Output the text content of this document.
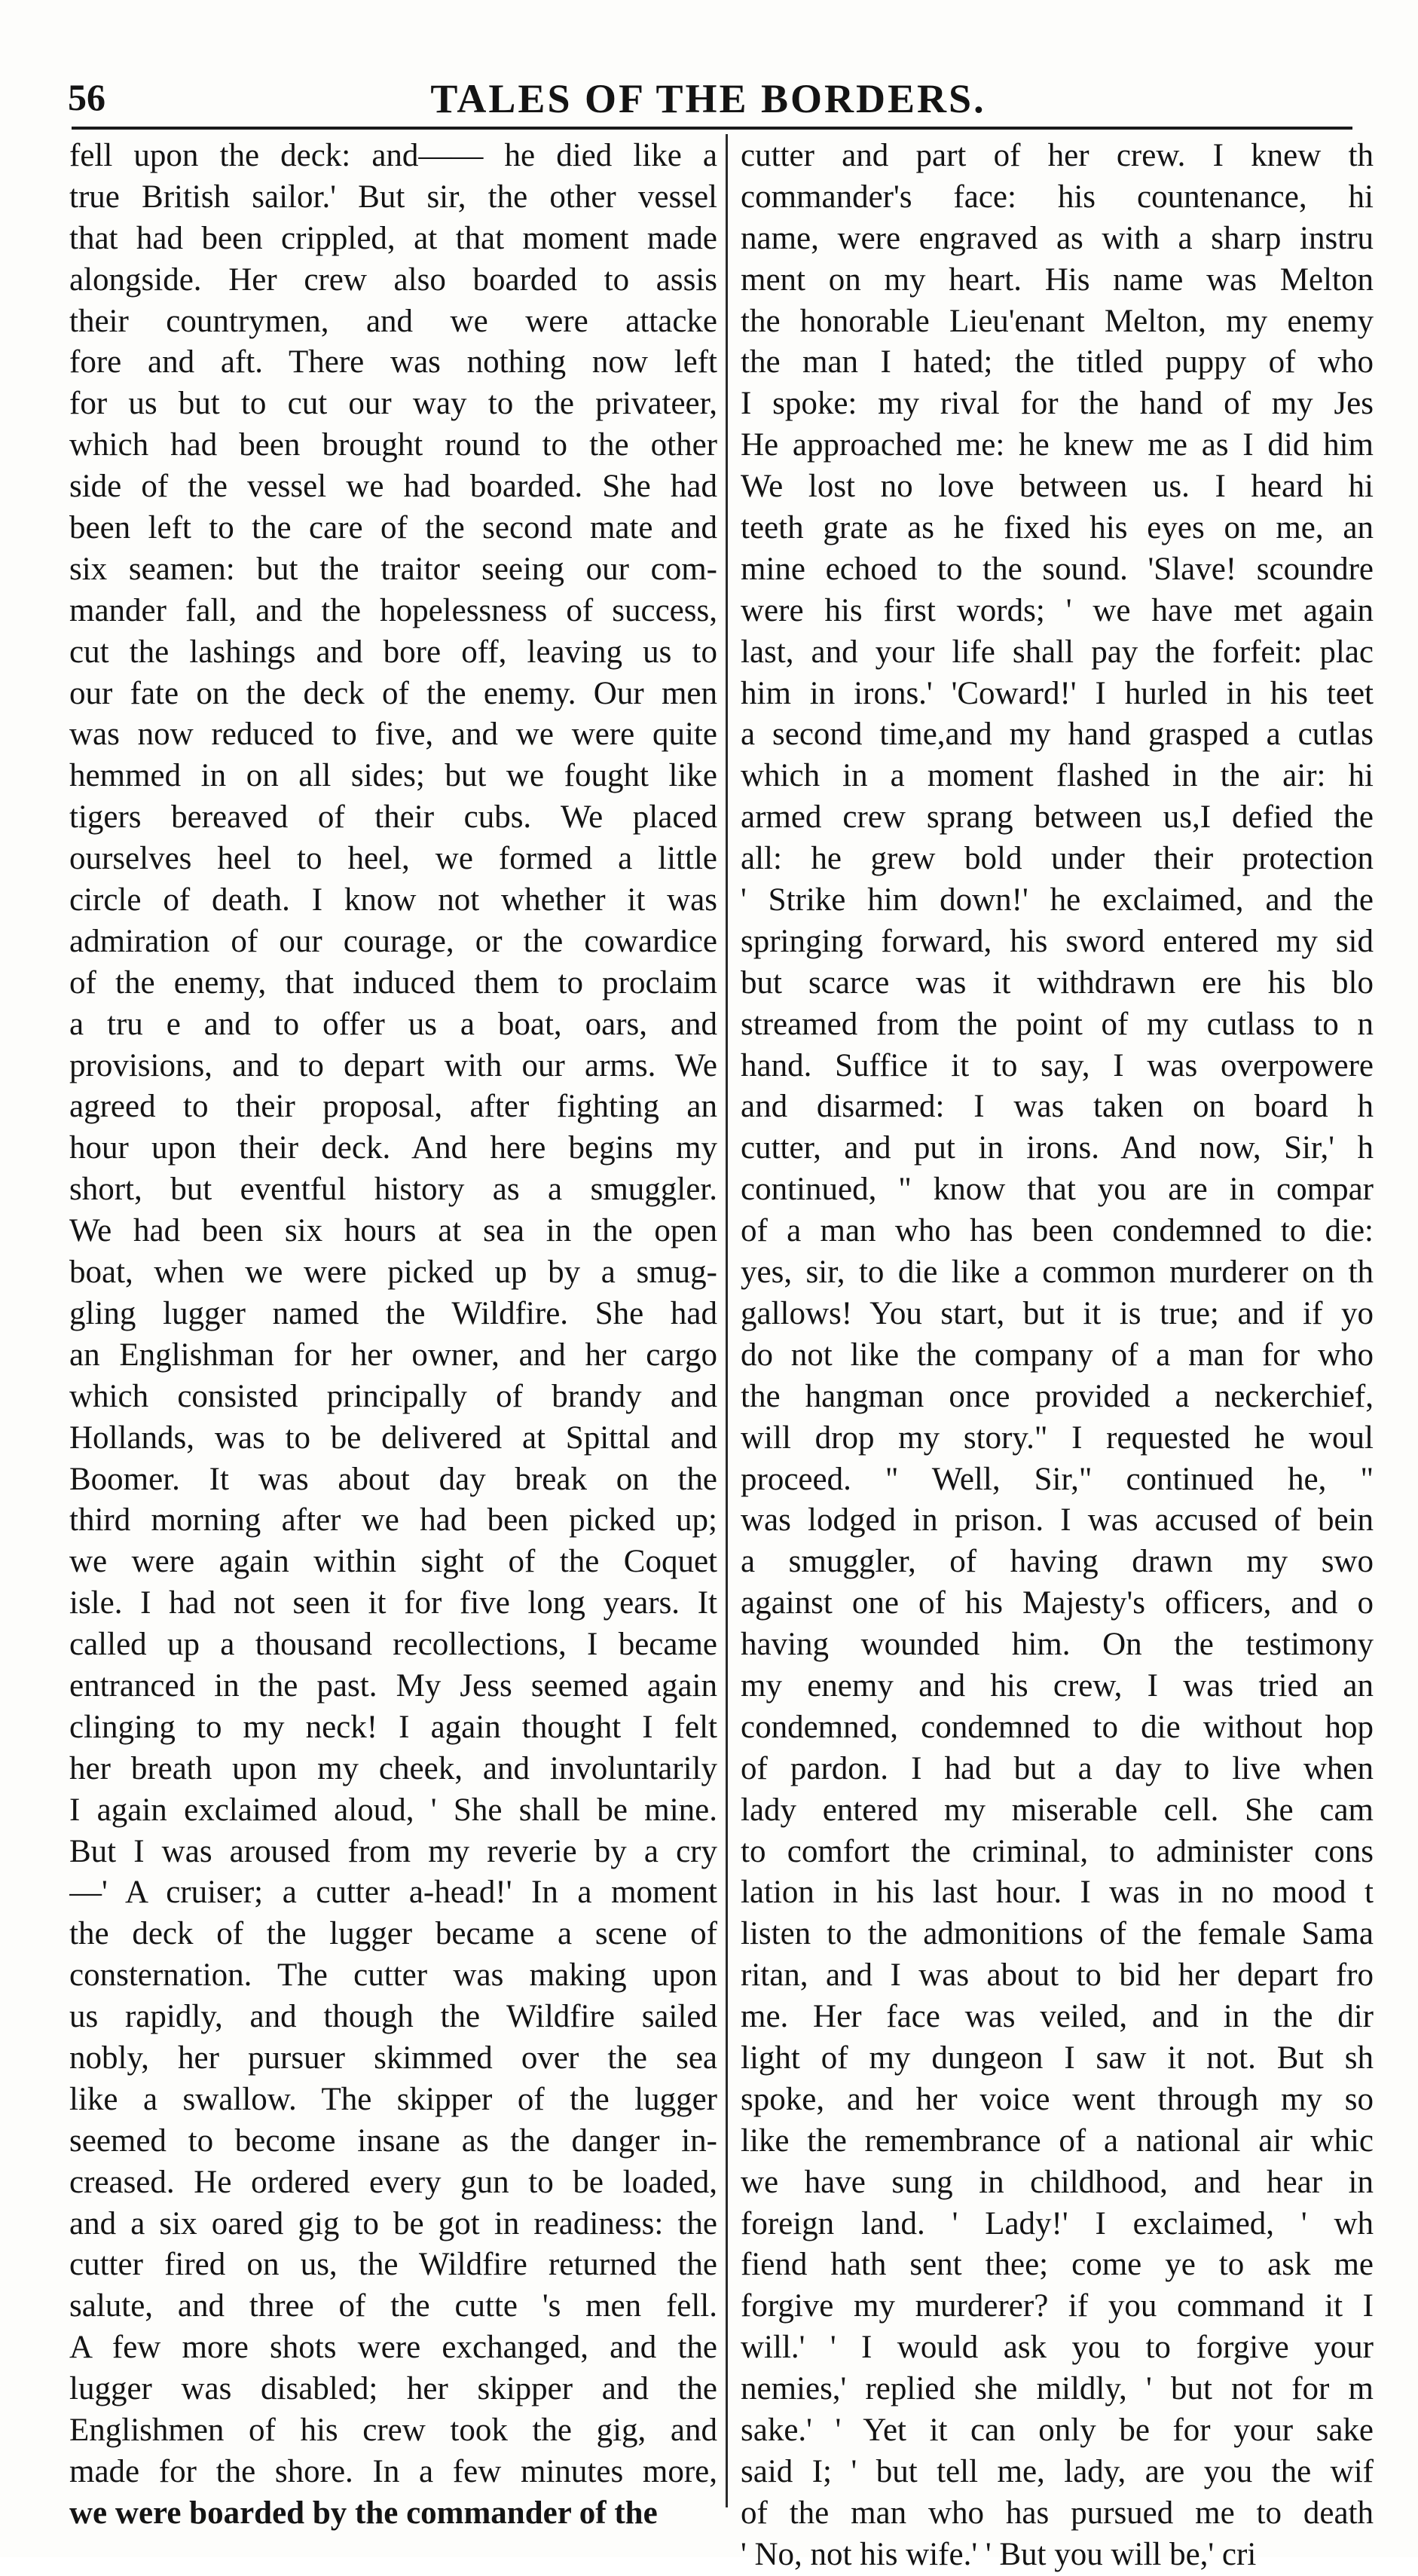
56	TALES OF THE BORDERS.
fell upon the deck: and—— he died like a
true British sailor.' But sir, the other vessel
that had been crippled, at that moment made
alongside. Her crew also boarded to assis
their countrymen, and we were attacke
fore and aft. There was nothing now left
for us but to cut our way to the privateer,
which had been brought round to the other
side of the vessel we had boarded. She had
been left to the care of the second mate and
six seamen: but the traitor seeing our com-
mander fall, and the hopelessness of success,
cut the lashings and bore off, leaving us to
our fate on the deck of the enemy. Our men
was now reduced to five, and we were quite
hemmed in on all sides; but we fought like
tigers bereaved of their cubs. We placed
ourselves heel to heel, we formed a little
circle of death. I know not whether it was
admiration of our courage, or the cowardice
of the enemy, that induced them to proclaim
a tru e and to offer us a boat, oars, and
provisions, and to depart with our arms. We
agreed to their proposal, after fighting an
hour upon their deck. And here begins my
short, but eventful history as a smuggler.
We had been six hours at sea in the open
boat, when we were picked up by a smug-
gling lugger named the Wildfire. She had
an Englishman for her owner, and her cargo
which consisted principally of brandy and
Hollands, was to be delivered at Spittal and
Boomer. It was about day break on the
third morning after we had been picked up;
we were again within sight of the Coquet
isle. I had not seen it for five long years. It
called up a thousand recollections, I became
entranced in the past. My Jess seemed again
clinging to my neck! I again thought I felt
her breath upon my cheek, and involuntarily
I again exclaimed aloud, ' She shall be mine.
But I was aroused from my reverie by a cry
—' A cruiser; a cutter a-head!' In a moment
the deck of the lugger became a scene of
consternation. The cutter was making upon
us rapidly, and though the Wildfire sailed
nobly, her pursuer skimmed over the sea
like a swallow. The skipper of the lugger
seemed to become insane as the danger in-
creased. He ordered every gun to be loaded,
and a six oared gig to be got in readiness: the
cutter fired on us, the Wildfire returned the
salute, and three of the cutte 's men fell.
A few more shots were exchanged, and the
lugger was disabled; her skipper and the
Englishmen of his crew took the gig, and
made for the shore. In a few minutes more,
we were boarded by the commander of the
cutter and part of her crew. I knew th
commander's face: his countenance, hi
name, were engraved as with a sharp instru
ment on my heart. His name was Melton
the honorable Lieu'enant Melton, my enemy
the man I hated; the titled puppy of who
I spoke: my rival for the hand of my Jes
He approached me: he knew me as I did him
We lost no love between us. I heard hi
teeth grate as he fixed his eyes on me, an
mine echoed to the sound. 'Slave! scoundre
were his first words; ' we have met again
last, and your life shall pay the forfeit: plac
him in irons.' 'Coward!' I hurled in his teet
a second time,and my hand grasped a cutlas
which in a moment flashed in the air: hi
armed crew sprang between us,I defied the
all: he grew bold under their protection
' Strike him down!' he exclaimed, and the
springing forward, his sword entered my sid
but scarce was it withdrawn ere his blo
streamed from the point of my cutlass to n
hand. Suffice it to say, I was overpowere
and disarmed: I was taken on board h
cutter, and put in irons. And now, Sir,' h
continued, " know that you are in compar
of a man who has been condemned to die:
yes, sir, to die like a common murderer on th
gallows! You start, but it is true; and if yo
do not like the company of a man for who
the hangman once provided a neckerchief,
will drop my story." I requested he woul
proceed. " Well, Sir," continued he, "
was lodged in prison. I was accused of bein
a smuggler, of having drawn my swo
against one of his Majesty's officers, and o
having wounded him. On the testimony
my enemy and his crew, I was tried an
condemned, condemned to die without hop
of pardon. I had but a day to live when
lady entered my miserable cell. She cam
to comfort the criminal, to administer cons
lation in his last hour. I was in no mood t
listen to the admonitions of the female Sama
ritan, and I was about to bid her depart fro
me. Her face was veiled, and in the dir
light of my dungeon I saw it not. But sh
spoke, and her voice went through my so
like the remembrance of a national air whic
we have sung in childhood, and hear in
foreign land. ' Lady!' I exclaimed, ' wh
fiend hath sent thee; come ye to ask me
forgive my murderer? if you command it I
will.' ' I would ask you to forgive your
nemies,' replied she mildly, ' but not for m
sake.' ' Yet it can only be for your sake
said I; ' but tell me, lady, are you the wif
of the man who has pursued me to death
' No, not his wife.' ' But you will be,' cri
